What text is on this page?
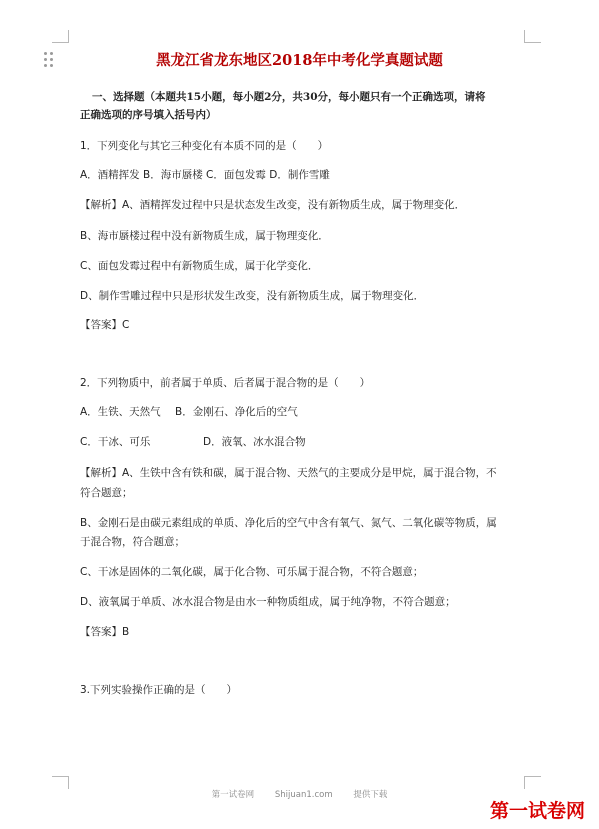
黑龙江省龙东地区2018年中考化学真题试题
一、选择题（本题共15小题，每小题2分，共30分，每小题只有一个正确选项，请将
正确选项的序号填入括号内）
1．下列变化与其它三种变化有本质不同的是（　　）
A．酒精挥发 B．海市蜃楼 C．面包发霉 D．制作雪雕
【解析】A、酒精挥发过程中只是状态发生改变，没有新物质生成，属于物理变化．
B、海市蜃楼过程中没有新物质生成，属于物理变化．
C、面包发霉过程中有新物质生成，属于化学变化．
D、制作雪雕过程中只是形状发生改变，没有新物质生成，属于物理变化．
【答案】C
2．下列物质中，前者属于单质、后者属于混合物的是（　　）
A．生铁、天然气 B．金刚石、净化后的空气
C．干冰、可乐	D．液氧、冰水混合物
【解析】A、生铁中含有铁和碳，属于混合物、天然气的主要成分是甲烷，属于混合物，不
符合题意；
B、金刚石是由碳元素组成的单质、净化后的空气中含有氧气、氮气、二氧化碳等物质，属
于混合物，符合题意；
C、干冰是固体的二氧化碳，属于化合物、可乐属于混合物，不符合题意；
D、液氧属于单质、冰水混合物是由水一种物质组成，属于纯净物，不符合题意；
【答案】B
3.下列实验操作正确的是（　　）
第一试卷网 Shijuan1.com 提供下载
第一试卷网
